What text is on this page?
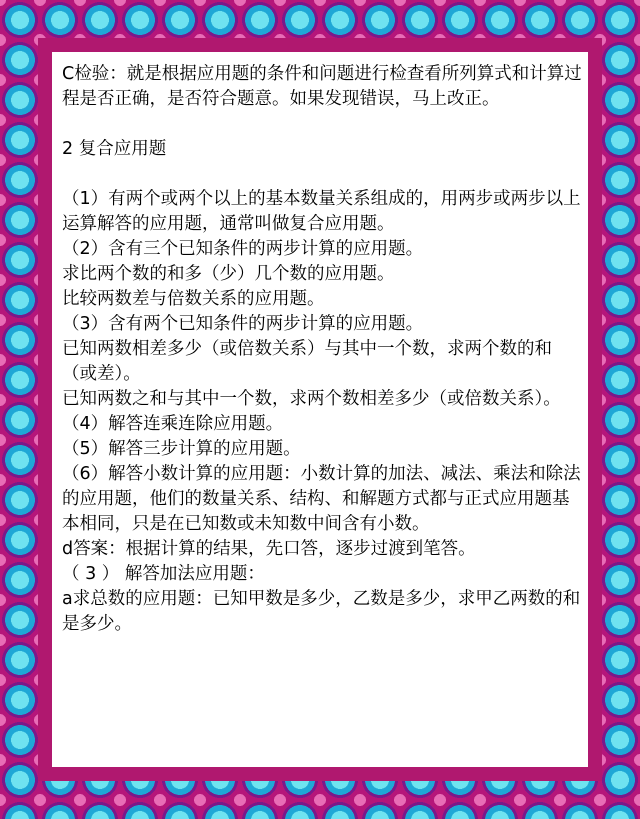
C检验：就是根据应用题的条件和问题进行检查看所列算式和计算过程是否正确，是否符合题意。如果发现错误，马上改正。

2 复合应用题

（1）有两个或两个以上的基本数量关系组成的，用两步或两步以上运算解答的应用题，通常叫做复合应用题。

（2）含有三个已知条件的两步计算的应用题。

求比两个数的和多（少）几个数的应用题。

比较两数差与倍数关系的应用题。

（3）含有两个已知条件的两步计算的应用题。

已知两数相差多少（或倍数关系）与其中一个数，求两个数的和（或差）。

已知两数之和与其中一个数，求两个数相差多少（或倍数关系）。

（4）解答连乘连除应用题。

（5）解答三步计算的应用题。

（6）解答小数计算的应用题：小数计算的加法、减法、乘法和除法的应用题，他们的数量关系、结构、和解题方式都与正式应用题基本相同，只是在已知数或未知数中间含有小数。

d答案：根据计算的结果，先口答，逐步过渡到笔答。

（ 3 ） 解答加法应用题：

a求总数的应用题：已知甲数是多少，乙数是多少，求甲乙两数的和是多少。
